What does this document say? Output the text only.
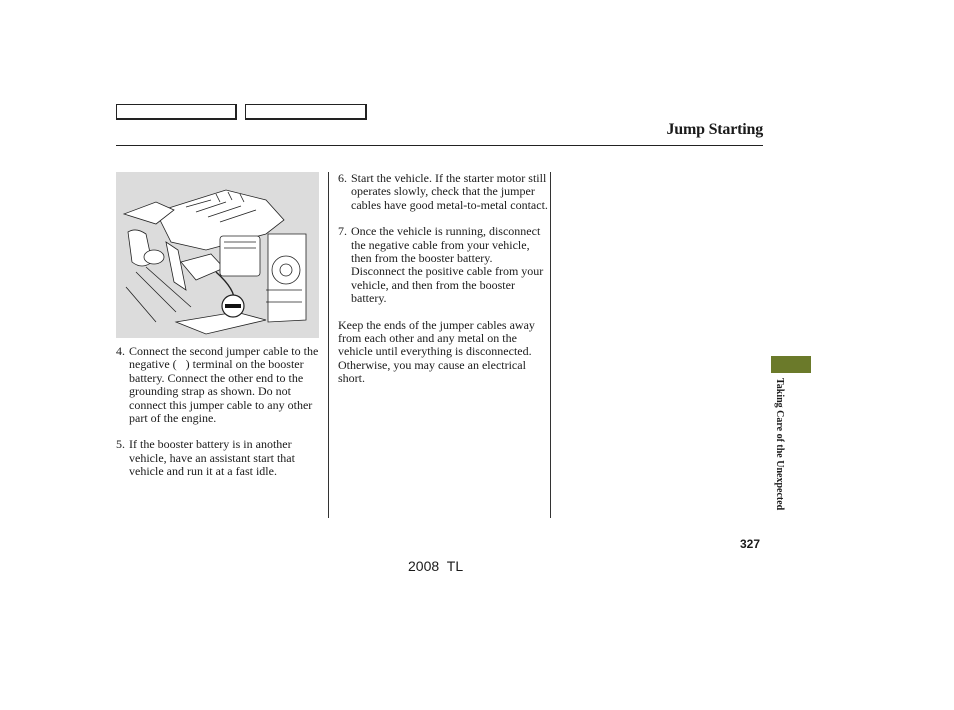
Jump Starting
4. Connect the second jumper cable to the negative (   ) terminal on the booster battery. Connect the other end to the grounding strap as shown. Do not connect this jumper cable to any other part of the engine.
5. If the booster battery is in another vehicle, have an assistant start that vehicle and run it at a fast idle.
6. Start the vehicle. If the starter motor still operates slowly, check that the jumper cables have good metal-to-metal contact.
7. Once the vehicle is running, disconnect the negative cable from your vehicle, then from the booster battery. Disconnect the positive cable from your vehicle, and then from the booster battery.

Keep the ends of the jumper cables away from each other and any metal on the vehicle until everything is disconnected. Otherwise, you may cause an electrical short.	Taking Care of the Unexpected
327
2008 TL
